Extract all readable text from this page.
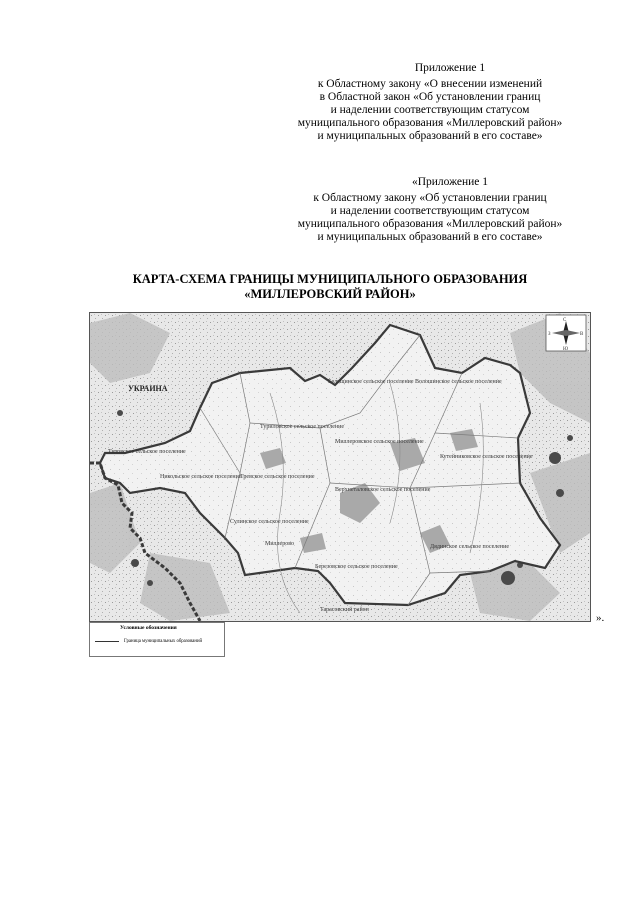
Приложение 1
к Областному закону «О внесении изменений
в Областной закон «Об установлении границ
и наделении соответствующим статусом
муниципального образования «Миллеровский район»
и муниципальных образований в его составе»
«Приложение 1
к Областному закону «Об установлении границ
и наделении соответствующим статусом
муниципального образования «Миллеровский район»
и муниципальных образований в его составе»
КАРТА-СХЕМА ГРАНИЦЫ МУНИЦИПАЛЬНОГО ОБРАЗОВАНИЯ
«МИЛЛЕРОВСКИЙ РАЙОН»
УКРАИНА
Бельщинское сельское поселение Волошинское сельское поселение
Туриловское сельское поселение
Миллеровское сельское поселение
Титовское сельское поселение
Никольское сельское поселение
Тревское сельское поселение
Верхнеталовское сельское поселение
Кутейниковское сельское поселение
Сулинское сельское поселение
Миллерово
Березовское сельское поселение
Дядинское сельское поселение
Тарасовский район
С
Ю
З	В
Условные обозначения
Граница муниципальных образований
».
